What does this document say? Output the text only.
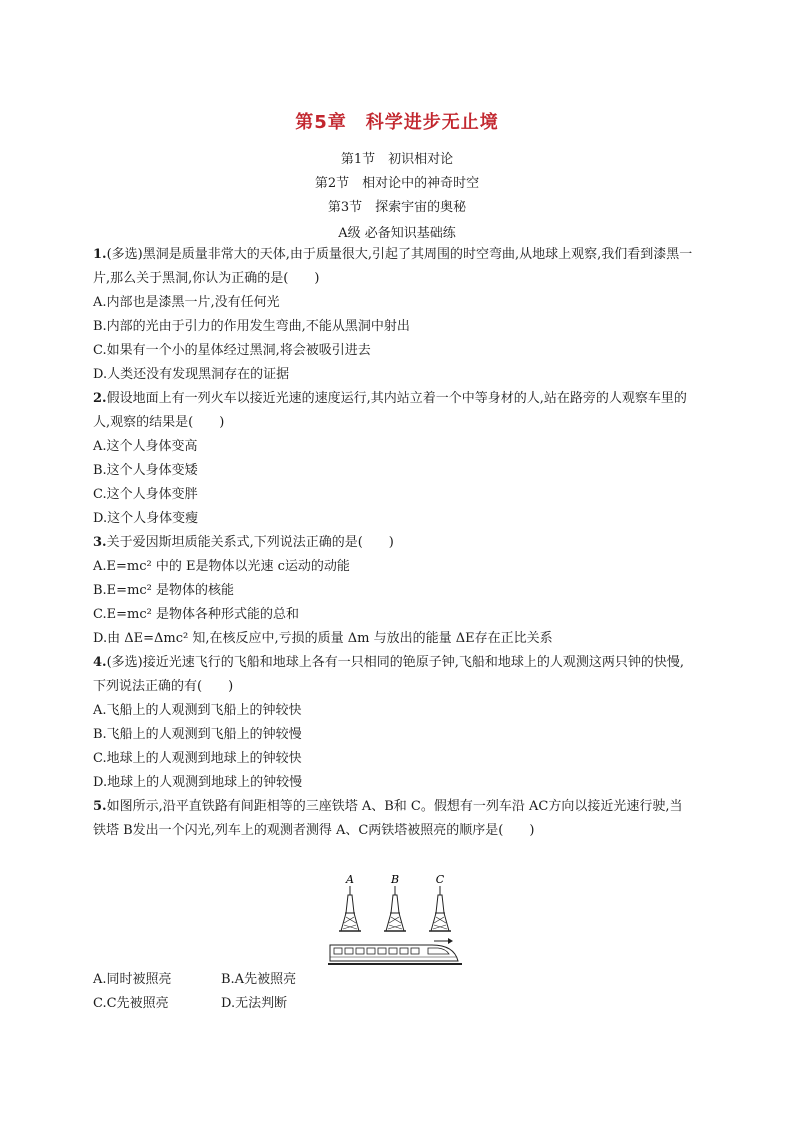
第5章　科学进步无止境
第1节　初识相对论
第2节　相对论中的神奇时空
第3节　探索宇宙的奥秘
A级 必备知识基础练

1.(多选)黑洞是质量非常大的天体,由于质量很大,引起了其周围的时空弯曲,从地球上观察,我们看到漆黑一片,那么关于黑洞,你认为正确的是(　　)

A.内部也是漆黑一片,没有任何光

B.内部的光由于引力的作用发生弯曲,不能从黑洞中射出

C.如果有一个小的星体经过黑洞,将会被吸引进去

D.人类还没有发现黑洞存在的证据

2.假设地面上有一列火车以接近光速的速度运行,其内站立着一个中等身材的人,站在路旁的人观察车里的人,观察的结果是(　　)

A.这个人身体变高

B.这个人身体变矮

C.这个人身体变胖

D.这个人身体变瘦

3.关于爱因斯坦质能关系式,下列说法正确的是(　　)

A.E=mc² 中的 E是物体以光速 c运动的动能

B.E=mc² 是物体的核能

C.E=mc² 是物体各种形式能的总和

D.由 ΔE=Δmc² 知,在核反应中,亏损的质量 Δm 与放出的能量 ΔE存在正比关系

4.(多选)接近光速飞行的飞船和地球上各有一只相同的铯原子钟,飞船和地球上的人观测这两只钟的快慢,下列说法正确的有(　　)

A.飞船上的人观测到飞船上的钟较快

B.飞船上的人观测到飞船上的钟较慢

C.地球上的人观测到地球上的钟较快

D.地球上的人观测到地球上的钟较慢

5.如图所示,沿平直铁路有间距相等的三座铁塔 A、B和 C。假想有一列车沿 AC方向以接近光速行驶,当铁塔 B发出一个闪光,列车上的观测者测得 A、C两铁塔被照亮的顺序是(　　)

A	B	C
A.同时被照亮	B.A先被照亮
C.C先被照亮	D.无法判断
